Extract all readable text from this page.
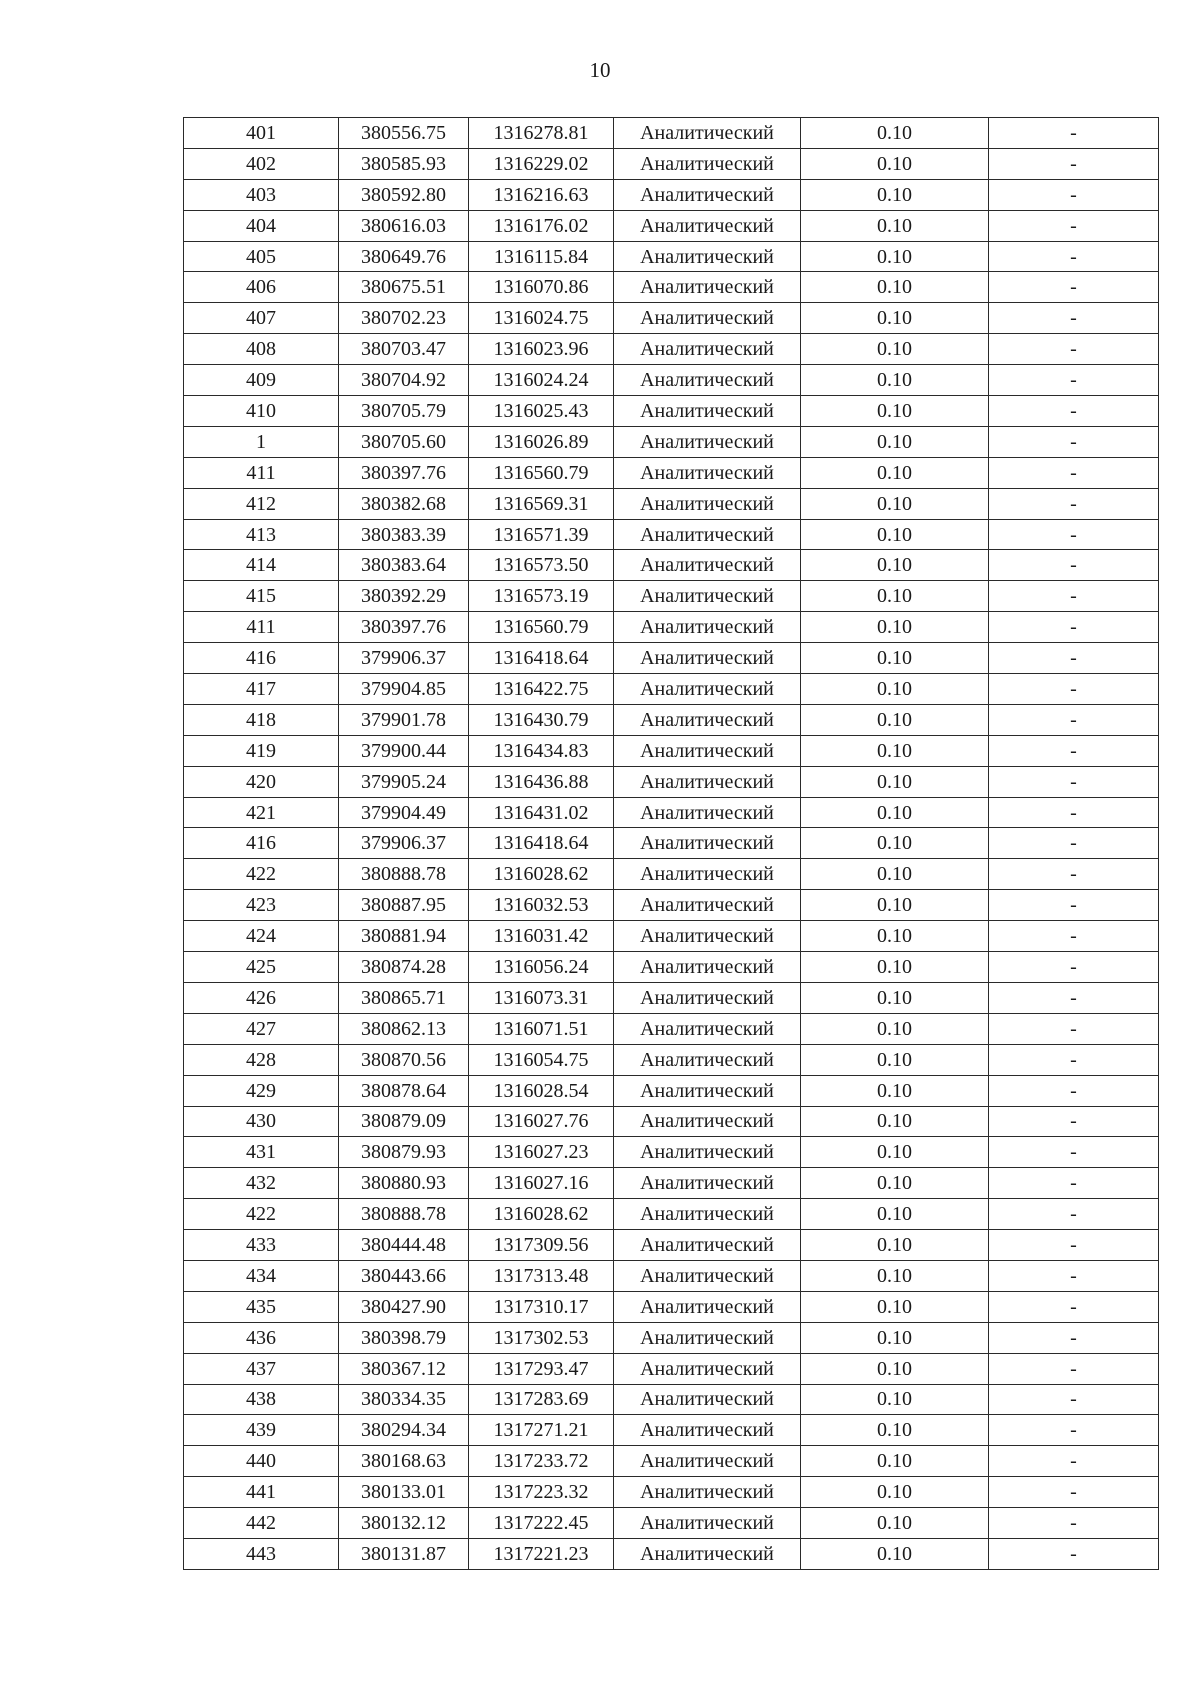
10
401	380556.75	1316278.81	Аналитический	0.10	-
402	380585.93	1316229.02	Аналитический	0.10	-
403	380592.80	1316216.63	Аналитический	0.10	-
404	380616.03	1316176.02	Аналитический	0.10	-
405	380649.76	1316115.84	Аналитический	0.10	-
406	380675.51	1316070.86	Аналитический	0.10	-
407	380702.23	1316024.75	Аналитический	0.10	-
408	380703.47	1316023.96	Аналитический	0.10	-
409	380704.92	1316024.24	Аналитический	0.10	-
410	380705.79	1316025.43	Аналитический	0.10	-
1	380705.60	1316026.89	Аналитический	0.10	-
411	380397.76	1316560.79	Аналитический	0.10	-
412	380382.68	1316569.31	Аналитический	0.10	-
413	380383.39	1316571.39	Аналитический	0.10	-
414	380383.64	1316573.50	Аналитический	0.10	-
415	380392.29	1316573.19	Аналитический	0.10	-
411	380397.76	1316560.79	Аналитический	0.10	-
416	379906.37	1316418.64	Аналитический	0.10	-
417	379904.85	1316422.75	Аналитический	0.10	-
418	379901.78	1316430.79	Аналитический	0.10	-
419	379900.44	1316434.83	Аналитический	0.10	-
420	379905.24	1316436.88	Аналитический	0.10	-
421	379904.49	1316431.02	Аналитический	0.10	-
416	379906.37	1316418.64	Аналитический	0.10	-
422	380888.78	1316028.62	Аналитический	0.10	-
423	380887.95	1316032.53	Аналитический	0.10	-
424	380881.94	1316031.42	Аналитический	0.10	-
425	380874.28	1316056.24	Аналитический	0.10	-
426	380865.71	1316073.31	Аналитический	0.10	-
427	380862.13	1316071.51	Аналитический	0.10	-
428	380870.56	1316054.75	Аналитический	0.10	-
429	380878.64	1316028.54	Аналитический	0.10	-
430	380879.09	1316027.76	Аналитический	0.10	-
431	380879.93	1316027.23	Аналитический	0.10	-
432	380880.93	1316027.16	Аналитический	0.10	-
422	380888.78	1316028.62	Аналитический	0.10	-
433	380444.48	1317309.56	Аналитический	0.10	-
434	380443.66	1317313.48	Аналитический	0.10	-
435	380427.90	1317310.17	Аналитический	0.10	-
436	380398.79	1317302.53	Аналитический	0.10	-
437	380367.12	1317293.47	Аналитический	0.10	-
438	380334.35	1317283.69	Аналитический	0.10	-
439	380294.34	1317271.21	Аналитический	0.10	-
440	380168.63	1317233.72	Аналитический	0.10	-
441	380133.01	1317223.32	Аналитический	0.10	-
442	380132.12	1317222.45	Аналитический	0.10	-
443	380131.87	1317221.23	Аналитический	0.10	-
